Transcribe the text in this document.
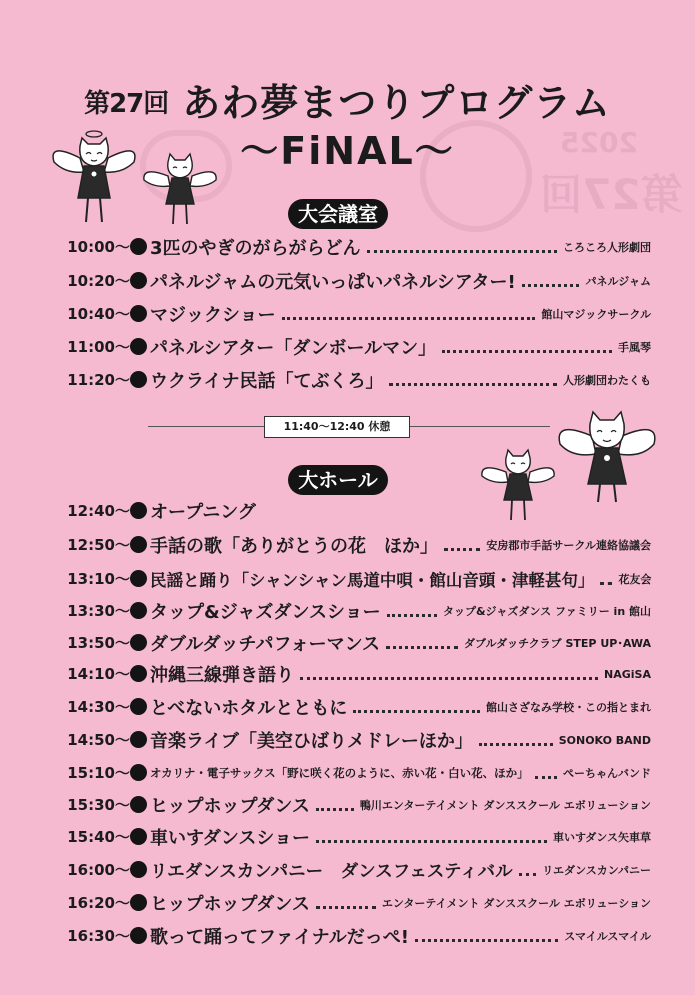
2025
第27回
第27回 あわ夢まつりプログラム
〜FiNAL〜
大会議室
大ホール
11:40〜12:40 休憩
10:00〜 3匹のやぎのがらがらどん	ころころ人形劇団
10:20〜 パネルジャムの元気いっぱいパネルシアター!	パネルジャム
10:40〜 マジックショー	館山マジックサークル
11:00〜 パネルシアター「ダンボールマン」	手風琴
11:20〜 ウクライナ民話「てぶくろ」	人形劇団わたくも
12:40〜 オープニング
12:50〜 手話の歌「ありがとうの花　ほか」	安房郡市手話サークル連絡協議会
13:10〜 民謡と踊り「シャンシャン馬道中唄・館山音頭・津軽甚句」 花友会
13:30〜 タップ&ジャズダンスショー	タップ&ジャズダンス ファミリー in 館山
13:50〜 ダブルダッチパフォーマンス	ダブルダッチクラブ STEP UP･AWA
14:10〜 沖縄三線弾き語り	NAGiSA
14:30〜 とべないホタルとともに	館山さざなみ学校・この指とまれ
14:50〜 音楽ライブ「美空ひばりメドレーほか」	SONOKO BAND
15:10〜 オカリナ・電子サックス「野に咲く花のように、赤い花・白い花、ほか」	ぺーちゃんバンド
15:30〜 ヒップホップダンス	鴨川エンターテイメント ダンススクール エボリューション
15:40〜 車いすダンスショー	車いすダンス矢車草
16:00〜 リエダンスカンパニー　ダンスフェスティバル	リエダンスカンパニー
16:20〜 ヒップホップダンス	エンターテイメント ダンススクール エボリューション
16:30〜 歌って踊ってファイナルだっぺ!	スマイルスマイル
